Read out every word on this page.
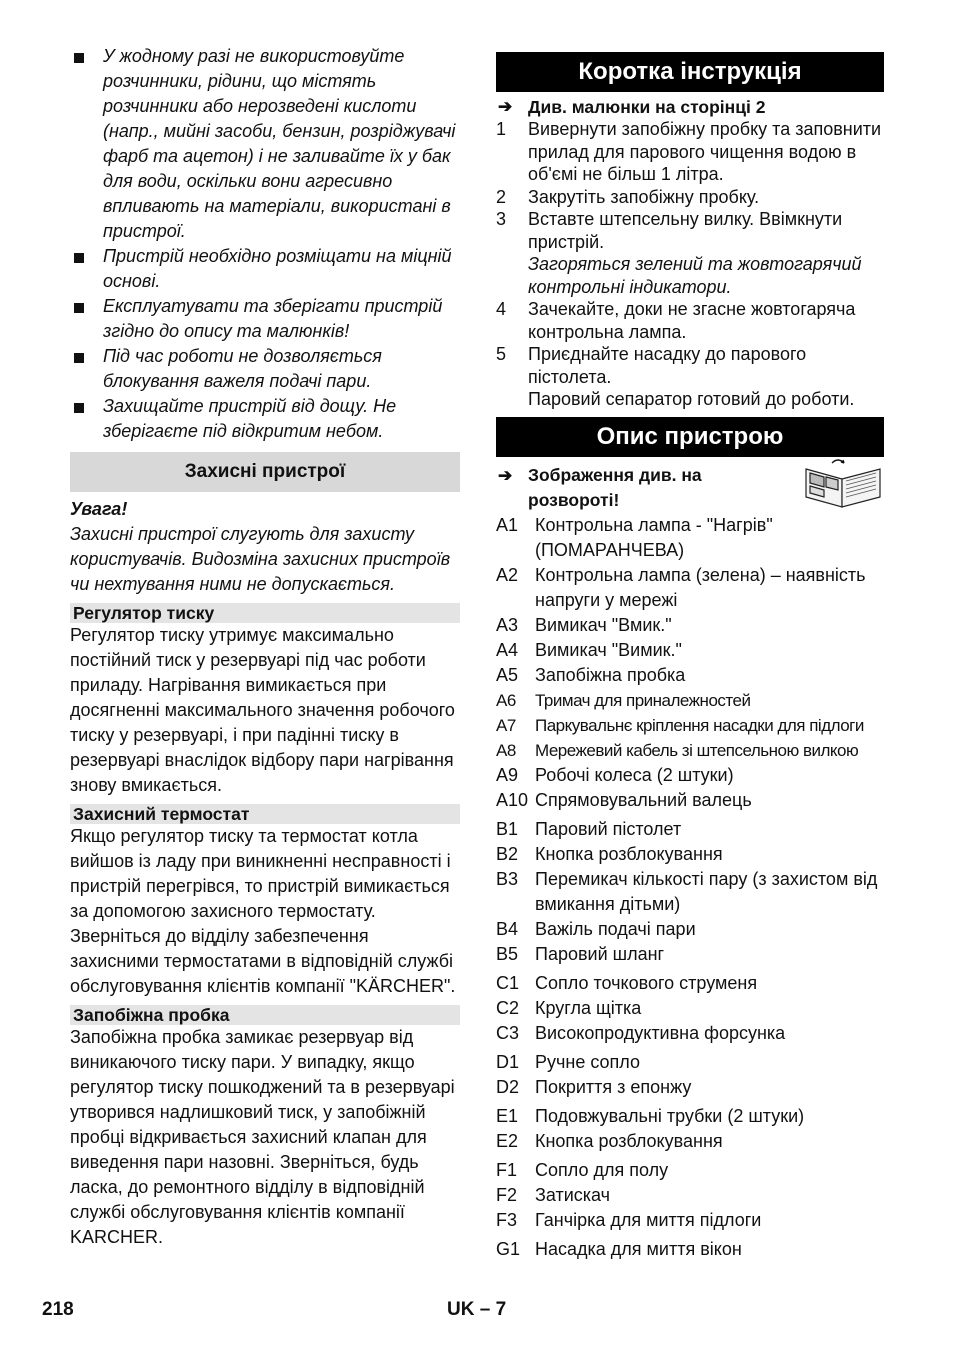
У жодному разі не використовуйте розчинники, рідини, що містять розчинники або нерозведені кислоти (напр., мийні засоби, бензин, розріджувачі фарб та ацетон) і не заливайте їх у бак для води, оскільки вони агресивно впливають на матеріали, використані в пристрої.

Пристрій необхідно розміщати на міцній основі.

Експлуатувати та зберігати пристрій згідно до опису та малюнків!

Під час роботи не дозволяється блокування важеля подачі пари.

Захищайте пристрій від дощу. Не зберігаєте під відкритим небом.

Захисні пристрої
Увага!
Захисні пристрої слугують для захисту користувачів. Видозміна захисних пристроїв чи нехтування ними не допускається.
Регулятор тиску

Регулятор тиску утримує максимально постійний тиск у резервуарі під час роботи приладу. Нагрівання вимикається при досягненні максимального значення робочого тиску у резервуарі, і при падінні тиску в резервуарі внаслідок відбору пари нагрівання знову вмикається.

Захисний термостат

Якщо регулятор тиску та термостат котла вийшов із ладу при виникненні несправності і пристрій перегрівся, то пристрій вимикається за допомогою захисного термостату. Зверніться до відділу забезпечення захисними термостатами в відповідній службі обслуговування клієнтів компанії "KÄRCHER".

Запобіжна пробка

Запобіжна пробка замикає резервуар від виникаючого тиску пари. У випадку, якщо регулятор тиску пошкоджений та в резервуарі утворився надлишковий тиск, у запобіжній пробці відкривається захисний клапан для виведення пари назовні. Зверніться, будь ласка, до ремонтного відділу в відповідній службі обслуговування клієнтів компанії KARCHER.

Коротка інструкція
➔ Див. малюнки на сторінці 2
1 Вивернути запобіжну пробку та заповнити прилад для парового чищення водою в об'ємі не більш 1 літра.
2 Закрутіть запобіжну пробку.
3 Вставте штепсельну вилку. Ввімкнути пристрій.
Загоряться зелений та жовтогарячий контрольні індикатори.
4 Зачекайте, доки не згасне жовтогаряча контрольна лампа.
5 Приєднайте насадку до парового пістолета.
Паровий сепаратор готовий до роботи.
Опис пристрою
➔ Зображення див. на розвороті!
A1 Контрольна лампа - "Нагрів" (ПОМАРАНЧЕВА)
A2 Контрольна лампа (зелена) – наявність напруги у мережі
A3 Вимикач "Вмик."
A4 Вимикач "Вимик."
A5 Запобіжна пробка
A6 Тримач для приналежностей
A7 Паркувальнє кріплення насадки для підлоги
A8 Мережевий кабель зі штепсельною вилкою
A9 Робочі колеса (2 штуки)
A10 Спрямовувальний валець
B1 Паровий пістолет
B2 Кнопка розблокування
B3 Перемикач кількості пару (з захистом від вмикання дітьми)
B4 Важіль подачі пари
B5 Паровий шланг
C1 Сопло точкового струменя
C2 Кругла щітка
C3 Високопродуктивна форсунка
D1 Ручне сопло
D2 Покриття з епонжу
E1 Подовжувальні трубки (2 штуки)
E2 Кнопка розблокування
F1 Сопло для полу
F2 Затискач
F3 Ганчірка для миття підлоги
G1 Насадка для миття вікон
218	UK – 7
